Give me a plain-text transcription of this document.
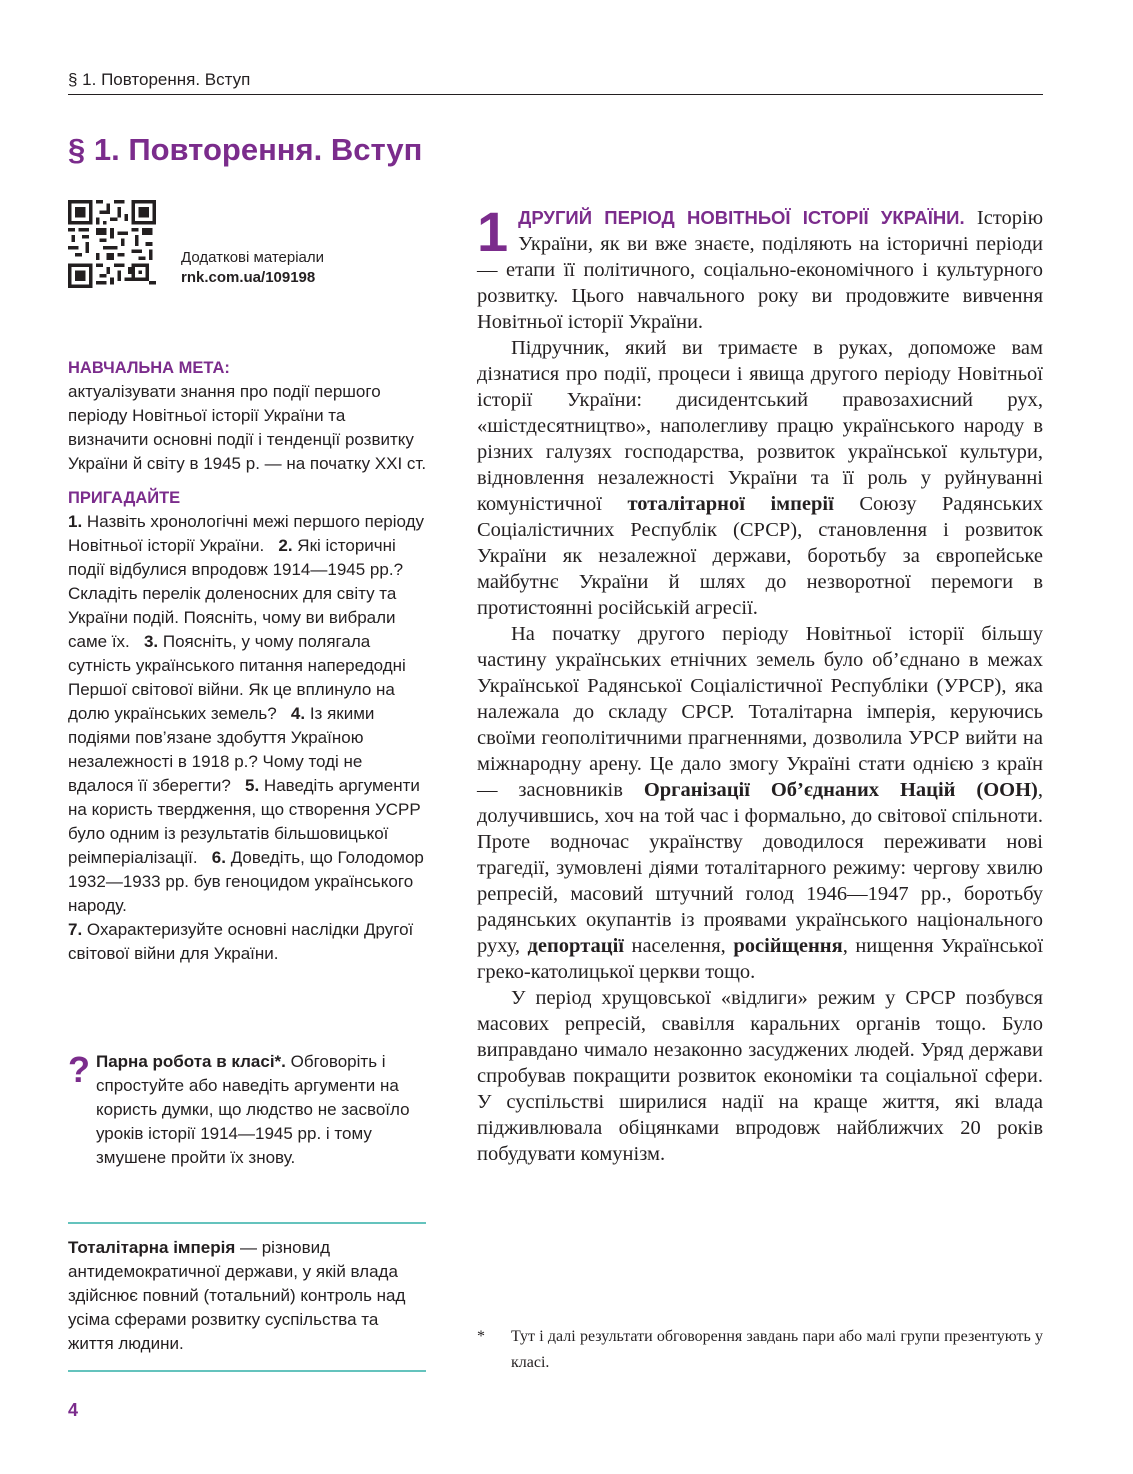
§ 1. Повторення. Вступ
§ 1. Повторення. Вступ
Додаткові матеріали
rnk.com.ua/109198
НАВЧАЛЬНА МЕТА:

актуалізувати знання про події першого періоду Новітньої історії України та визначити основні події і тенденції розвитку України й світу в 1945 р. — на початку XXI ст.

ПРИГАДАЙТЕ

1. Назвіть хронологічні межі першого періоду Новітньої історії України. 2. Які історичні події відбулися впродовж 1914—1945 рр.? Складіть перелік доленосних для світу та України подій. Поясніть, чому ви вибрали саме їх. 3. Поясніть, у чому полягала сутність українського питання напередодні Першої світової війни. Як це вплинуло на долю українських земель? 4. Із якими подіями пов’язане здобуття Україною незалежності в 1918 р.? Чому тоді не вдалося її зберегти? 5. Наведіть аргументи на користь твердження, що створення УСРР було одним із результатів більшовицької реімперіалізації. 6. Доведіть, що Голодомор 1932—1933 рр. був геноцидом українського народу.
7. Охарактеризуйте основні наслідки Другої світової війни для України.

? Парна робота в класі*. Обговоріть і спростуйте або наведіть аргументи на користь думки, що людство не засвоїло уроків історії 1914—1945 рр. і тому змушене пройти їх знову.
Тоталітарна імперія — різновид антидемократичної держави, у якій влада здійснює повний (тотальний) контроль над усіма сферами розвитку суспільства та життя людини.
4

1 ДРУГИЙ ПЕРІОД НОВІТНЬОЇ ІСТОРІЇ УКРАЇНИ. Історію України, як ви вже знаєте, поділяють на історичні періоди — етапи її політичного, соціально-економічного і культурного розвитку. Цього навчального року ви продовжите вивчення Новітньої історії України.

Підручник, який ви тримаєте в руках, допоможе вам дізнатися про події, процеси і явища другого періоду Новітньої історії України: дисидентський правозахисний рух, «шістдесятництво», наполегливу працю українського народу в різних галузях господарства, розвиток української культури, відновлення незалежності України та її роль у руйнуванні комуністичної тоталітарної імперії Союзу Радянських Соціалістичних Республік (СРСР), становлення і розвиток України як незалежної держави, боротьбу за європейське майбутнє України й шлях до незворотної перемоги в протистоянні російській агресії.

На початку другого періоду Новітньої історії більшу частину українських етнічних земель було об’єднано в межах Української Радянської Соціалістичної Республіки (УРСР), яка належала до складу СРСР. Тоталітарна імперія, керуючись своїми геополітичними прагненнями, дозволила УРСР вийти на міжнародну арену. Це дало змогу Україні стати однією з країн — засновників Організації Об’єднаних Націй (ООН), долучившись, хоч на той час і формально, до світової спільноти. Проте водночас українству доводилося переживати нові трагедії, зумовлені діями тоталітарного режиму: чергову хвилю репресій, масовий штучний голод 1946—1947 рр., боротьбу радянських окупантів із проявами українського національного руху, депортації населення, російщення, нищення Української греко-католицької церкви тощо.

У період хрущовської «відлиги» режим у СРСР позбувся масових репресій, свавілля каральних органів тощо. Було виправдано чимало незаконно засуджених людей. Уряд держави спробував покращити розвиток економіки та соціальної сфери. У суспільстві ширилися надії на краще життя, які влада підживлювала обіцянками впродовж найближчих 20 років побудувати комунізм.

* Тут і далі результати обговорення завдань пари або малі групи презентують у класі.
